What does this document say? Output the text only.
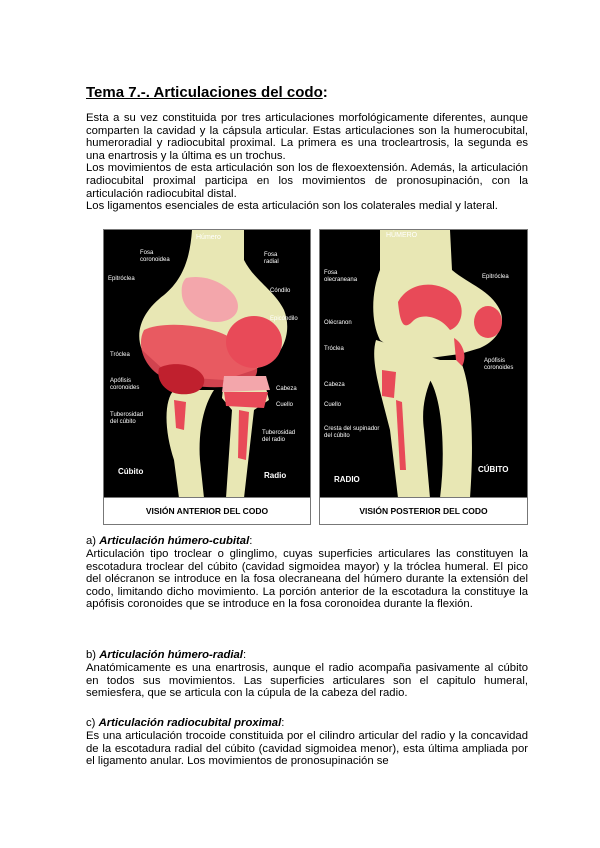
Tema 7.-. Articulaciones del codo:

Esta a su vez constituida por tres articulaciones morfológicamente diferentes, aunque comparten la cavidad y la cápsula articular. Estas articulaciones son la humerocubital, humeroradial y radiocubital proximal. La primera es una trocleartrosis, la segunda es una enartrosis y la última es un trochus.

Los movimientos de esta articulación son los de flexoextensión. Además, la articulación radiocubital proximal participa en los movimientos de pronosupinación, con la articulación radiocubital distal.

Los ligamentos esenciales de esta articulación son los colaterales medial y lateral.

Húmero
Fosa
coronoidea
Fosa
radial
Epitróclea
Cóndilo
Epicóndilo
Tróclea
Apófisis
coronoides	Cabeza
Cuello
Tuberosidad
del cúbito
Tuberosidad
del radio
Cúbito	Radio
VISIÓN ANTERIOR DEL CODO
HÚMERO
Fosa
olecraneana	Epitróclea
Olécranon
Tróclea
Apófisis
coronoides
Cabeza
Cuello
Cresta del supinador
del cúbito
RADIO
CÚBITO
VISIÓN POSTERIOR DEL CODO
a) Articulación húmero-cubital:

Articulación tipo troclear o glinglimo, cuyas superficies articulares las constituyen la escotadura troclear del cúbito (cavidad sigmoidea mayor) y la tróclea humeral. El pico del olécranon se introduce en la fosa olecraneana del húmero durante la extensión del codo, limitando dicho movimiento. La porción anterior de la escotadura la constituye la apófisis coronoides que se introduce en la fosa coronoidea durante la flexión.

b) Articulación húmero-radial:

Anatómicamente es una enartrosis, aunque el radio acompaña pasivamente al cúbito en todos sus movimientos. Las superficies articulares son el capitulo humeral, semiesfera, que se articula con la cúpula de la cabeza del radio.

c) Articulación radiocubital proximal:

Es una articulación trocoide constituida por el cilindro articular del radio y la concavidad de la escotadura radial del cúbito (cavidad sigmoidea menor), esta última ampliada por el ligamento anular. Los movimientos de pronosupinación se
